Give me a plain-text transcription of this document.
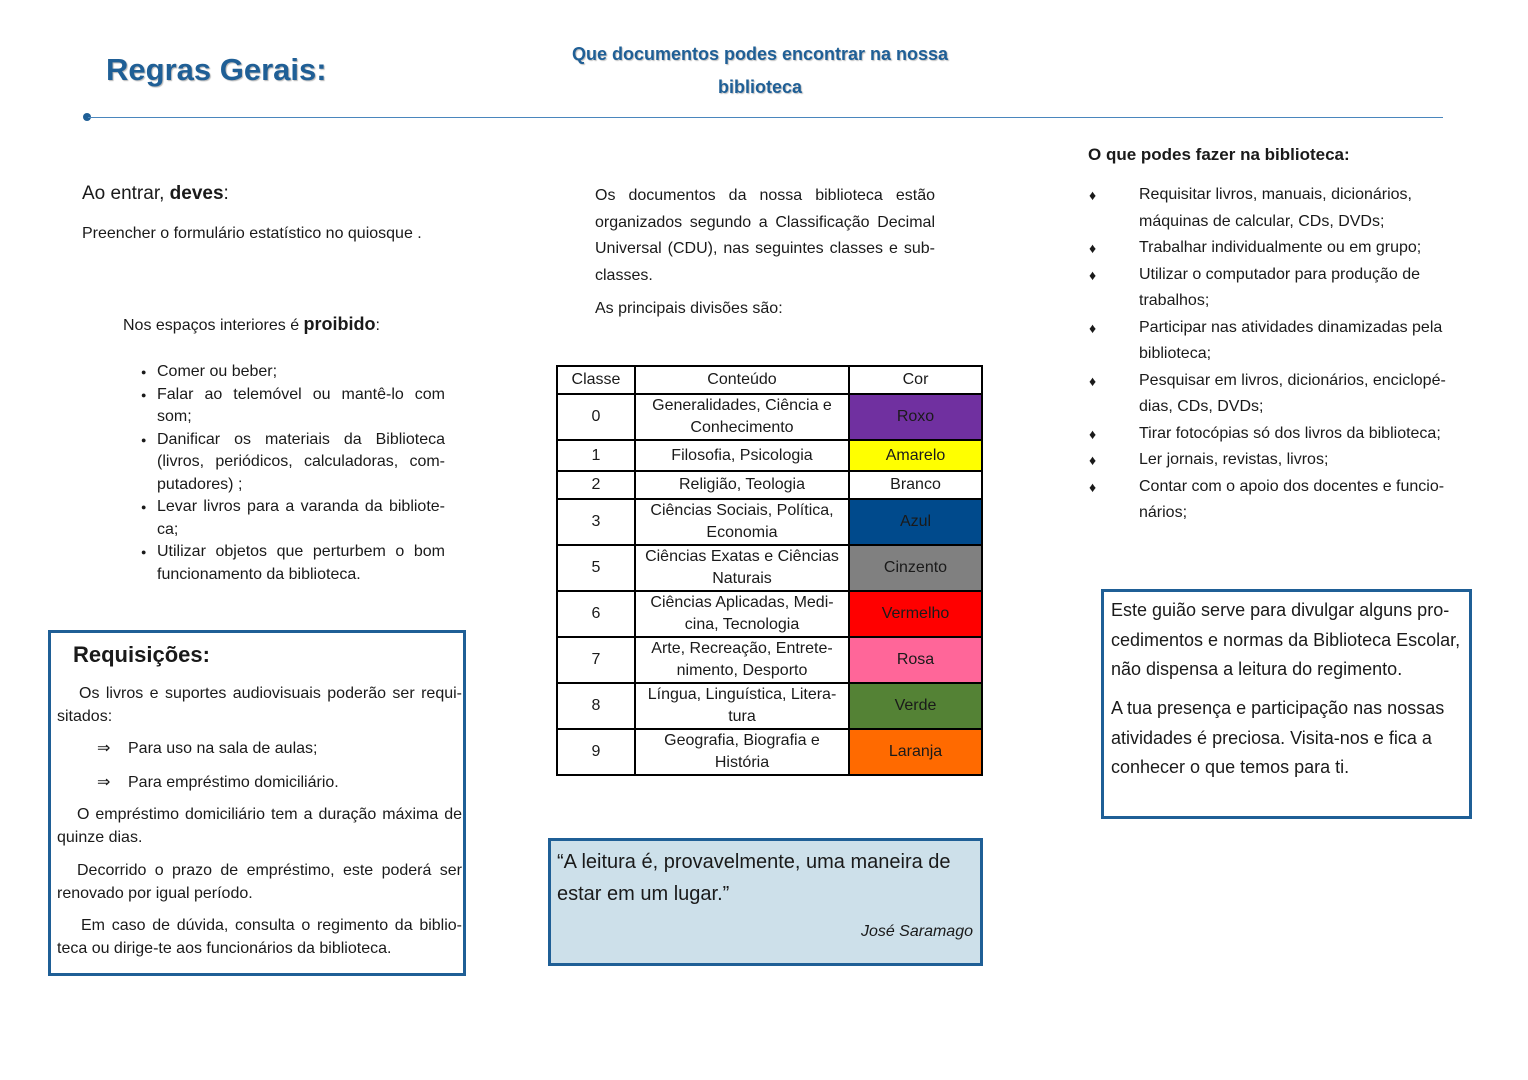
Regras Gerais:	Que documentos podes encontrar na nossa
biblioteca
Ao entrar, deves:
Preencher o formulário estatístico no quiosque .
Nos espaços interiores é proibido:
● Comer ou beber;
● Falar ao telemóvel ou mantê-lo com som;
● Danificar os materiais da Biblioteca (livros, periódicos, calculadoras, com-putadores) ;
● Levar livros para a varanda da bibliote-ca;
● Utilizar objetos que perturbem o bom funcionamento da biblioteca.
Requisições:
Os livros e suportes audiovisuais poderão ser requi-sitados:
⇒ Para uso na sala de aulas;
⇒ Para empréstimo domiciliário.
O empréstimo domiciliário tem a duração máxima de quinze dias.
Decorrido o prazo de empréstimo, este poderá ser renovado por igual período.
Em caso de dúvida, consulta o regimento da biblio-teca ou dirige-te aos funcionários da biblioteca.
Os documentos da nossa biblioteca estão organizados segundo a Classificação Decimal Universal (CDU), nas seguintes classes e sub-classes.
As principais divisões são:
Classe	Conteúdo	Cor
0	Generalidades, Ciência e Conhecimento	Roxo
1	Filosofia, Psicologia	Amarelo
2	Religião, Teologia	Branco
3	Ciências Sociais, Política, Economia	Azul
5	Ciências Exatas e Ciências Naturais	Cinzento
6	Ciências Aplicadas, Medi-cina, Tecnologia	Vermelho
7	Arte, Recreação, Entrete-nimento, Desporto	Rosa
8	Língua, Linguística, Litera-tura	Verde
9	Geografia, Biografia e História	Laranja
“A leitura é, provavelmente, uma maneira de estar em um lugar.”
José Saramago
O que podes fazer na biblioteca:
♦ Requisitar livros, manuais, dicionários, máquinas de calcular, CDs, DVDs;
♦ Trabalhar individualmente ou em grupo;
♦ Utilizar o computador para produção de trabalhos;
♦ Participar nas atividades dinamizadas pela biblioteca;
♦ Pesquisar em livros, dicionários, enciclopé-dias, CDs, DVDs;
♦ Tirar fotocópias só dos livros da biblioteca;
♦ Ler jornais, revistas, livros;
♦ Contar com o apoio dos docentes e funcio-nários;
Este guião serve para divulgar alguns pro-cedimentos e normas da Biblioteca Escolar, não dispensa a leitura do regimento.
A tua presença e participação nas nossas atividades é preciosa. Visita-nos e fica a conhecer o que temos para ti.
